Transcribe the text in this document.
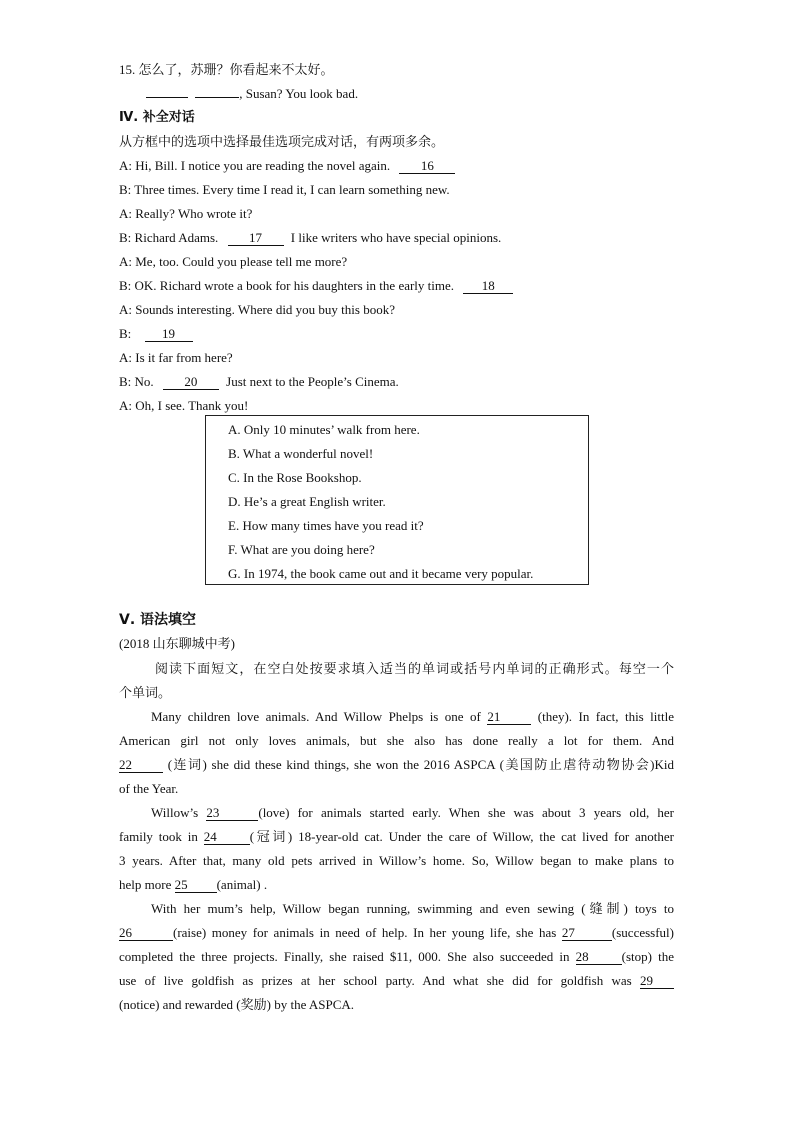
15. 怎么了，苏珊？你看起来不太好。
, Susan? You look bad.
Ⅳ. 补全对话
从方框中的选项中选择最佳选项完成对话，有两项多余。
A: Hi, Bill. I notice you are reading the novel again. 16
B: Three times. Every time I read it, I can learn something new.
A: Really? Who wrote it?
B: Richard Adams. 17 I like writers who have special opinions.
A: Me, too. Could you please tell me more?
B: OK. Richard wrote a book for his daughters in the early time. 18
A: Sounds interesting. Where did you buy this book?
B: 19
A: Is it far from here?
B: No. 20 Just next to the People’s Cinema.
A: Oh, I see. Thank you!
A. Only 10 minutes’ walk from here.
B. What a wonderful novel!
C. In the Rose Bookshop.
D. He’s a great English writer.
E. How many times have you read it?
F. What are you doing here?
G. In 1974, the book came out and it became very popular.
Ⅴ. 语法填空
(2018 山东聊城中考)
阅读下面短文，在空白处按要求填入适当的单词或括号内单词的正确形式。每空一个
个单词。
Many children love animals. And Willow Phelps is one of 21	(they). In fact, this little
American girl not only loves animals, but she also has done really a lot for them. And
22	(连词) she did these kind things, she won the 2016 ASPCA (美国防止虐待动物协会)Kid
of the Year.
Willow’s 23	(love) for animals started early. When she was about 3 years old, her
family took in 24	(冠词) 18-year-old cat. Under the care of Willow, the cat lived for another
3 years. After that, many old pets arrived in Willow’s home. So, Willow began to make plans to
help more 25 (animal) .
With her mum’s help, Willow began running, swimming and even sewing (缝制) toys to
26	(raise) money for animals in need of help. In her young life, she has 27	(successful)
completed the three projects. Finally, she raised $11, 000. She also succeeded in 28	(stop) the
use of live goldfish as prizes at her school party. And what she did for goldfish was 29
(notice) and rewarded (奖励) by the ASPCA.
